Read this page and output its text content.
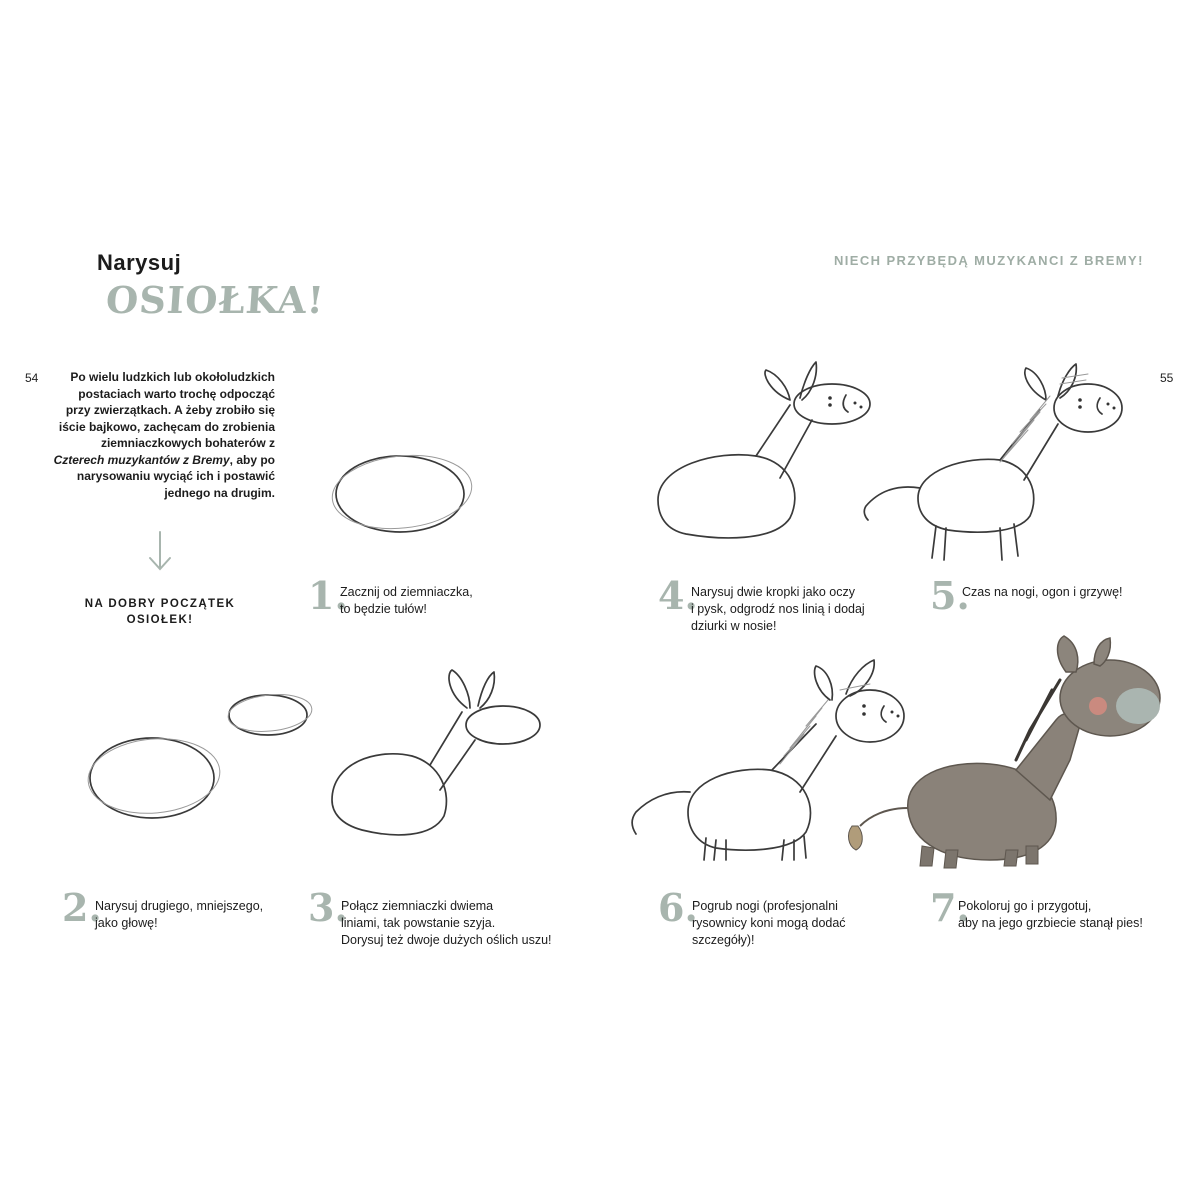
Narysuj
OSIOŁKA!
NIECH PRZYBĘDĄ MUZYKANCI Z BREMY!
54	55
Po wielu ludzkich lub okołoludzkich postaciach warto trochę odpocząć przy zwierzątkach. A żeby zrobiło się iście bajkowo, zachęcam do zrobienia ziemniaczkowych bohaterów z Czterech muzykantów z Bremy, aby po narysowaniu wyciąć ich i postawić jednego na drugim.
NA DOBRY POCZĄTEK
OSIOŁEK!
1.
Zacznij od ziemniaczka,
to będzie tułów!
2.
Narysuj drugiego, mniejszego,
jako głowę!	3.
Połącz ziemniaczki dwiema
liniami, tak powstanie szyja.
Dorysuj też dwoje dużych oślich uszu!
4.
Narysuj dwie kropki jako oczy
i pysk, odgrodź nos linią i dodaj
dziurki w nosie!
5.
Czas na nogi, ogon i grzywę!
6.
Pogrub nogi (profesjonalni
rysownicy koni mogą dodać
szczegóły)!
7.
Pokoloruj go i przygotuj,
aby na jego grzbiecie stanął pies!
